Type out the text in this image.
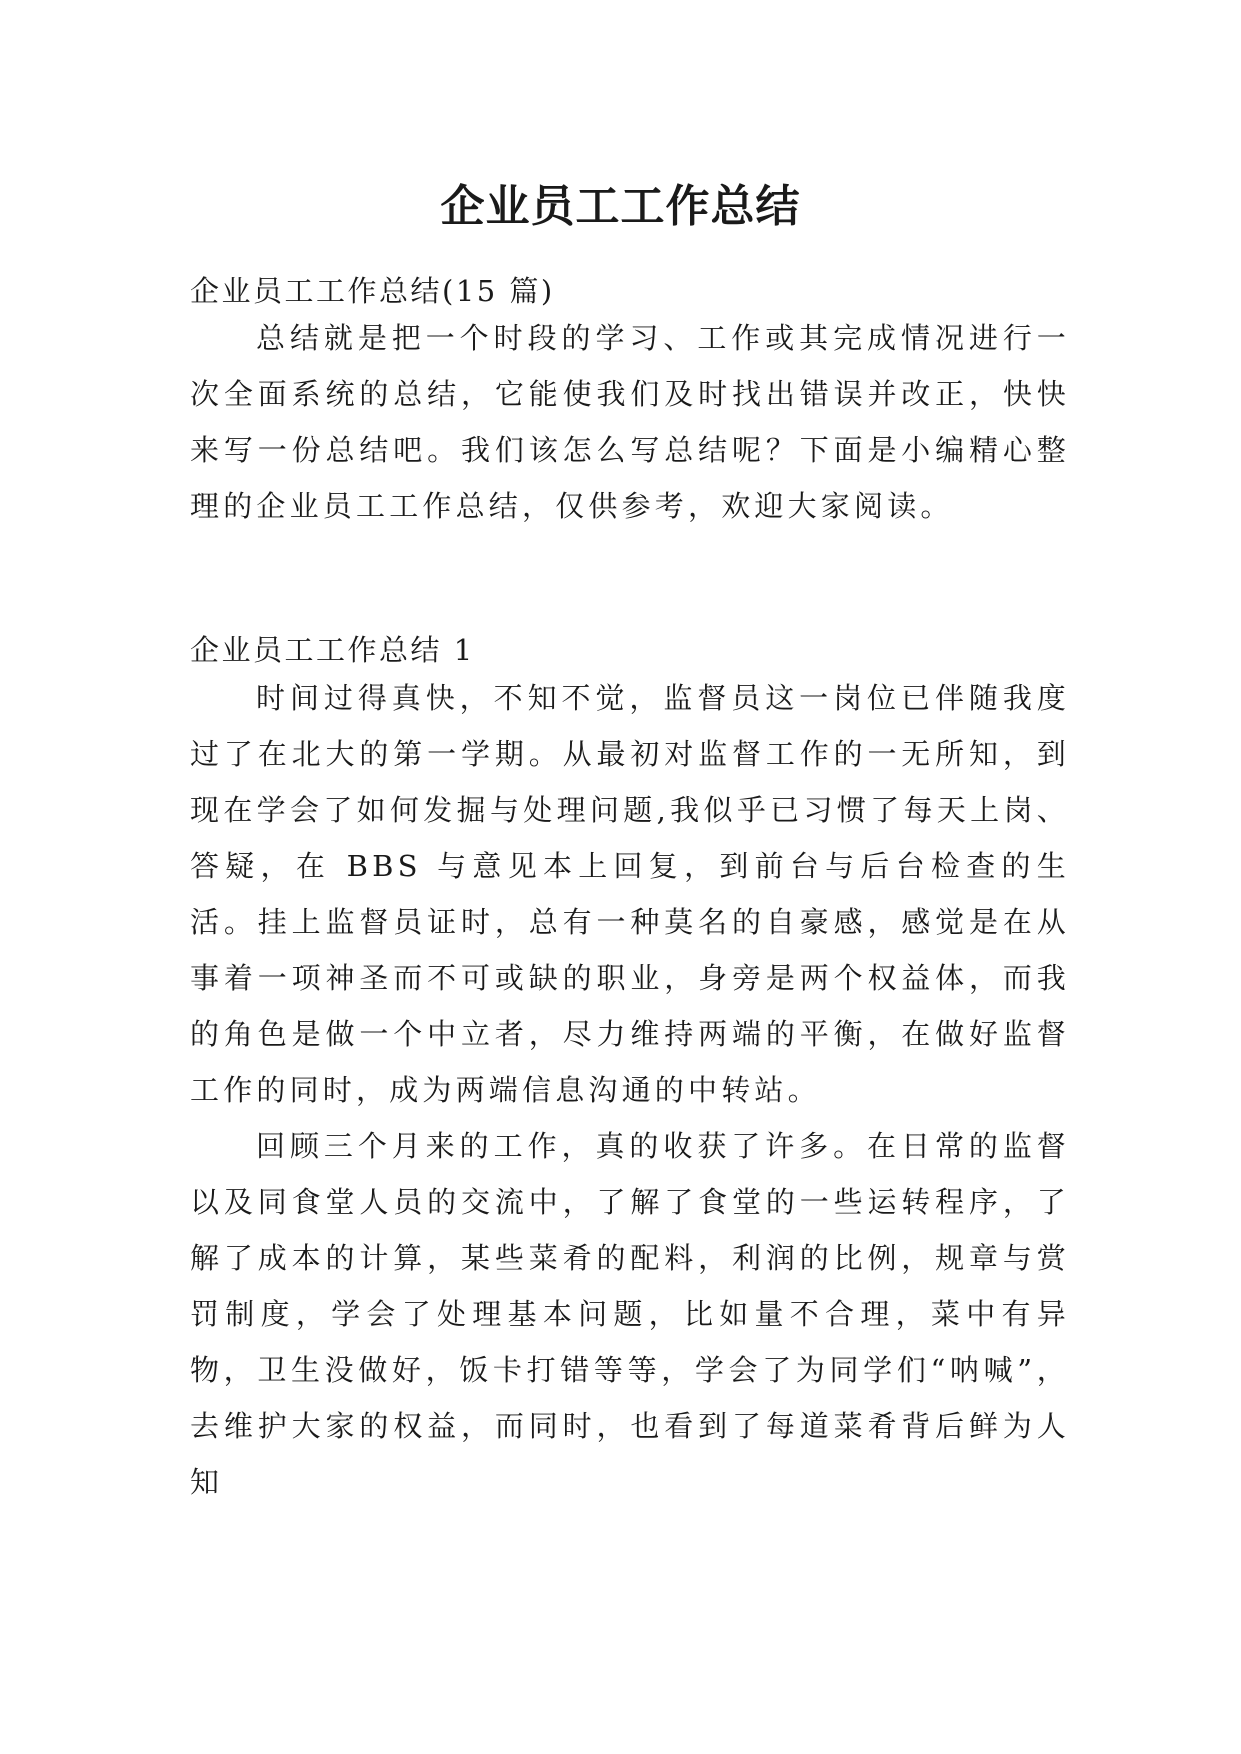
企业员工工作总结

企业员工工作总结(15 篇)

总结就是把一个时段的学习、工作或其完成情况进行一次全面系统的总结，它能使我们及时找出错误并改正，快快来写一份总结吧。我们该怎么写总结呢？下面是小编精心整理的企业员工工作总结，仅供参考，欢迎大家阅读。

企业员工工作总结 1

时间过得真快，不知不觉，监督员这一岗位已伴随我度过了在北大的第一学期。从最初对监督工作的一无所知，到现在学会了如何发掘与处理问题,我似乎已习惯了每天上岗、答疑，在 BBS 与意见本上回复，到前台与后台检查的生活。挂上监督员证时，总有一种莫名的自豪感，感觉是在从事着一项神圣而不可或缺的职业，身旁是两个权益体，而我的角色是做一个中立者，尽力维持两端的平衡，在做好监督工作的同时，成为两端信息沟通的中转站。

回顾三个月来的工作，真的收获了许多。在日常的监督以及同食堂人员的交流中，了解了食堂的一些运转程序，了解了成本的计算，某些菜肴的配料，利润的比例，规章与赏罚制度，学会了处理基本问题，比如量不合理，菜中有异物，卫生没做好，饭卡打错等等，学会了为同学们“呐喊”，去维护大家的权益，而同时，也看到了每道菜肴背后鲜为人知
